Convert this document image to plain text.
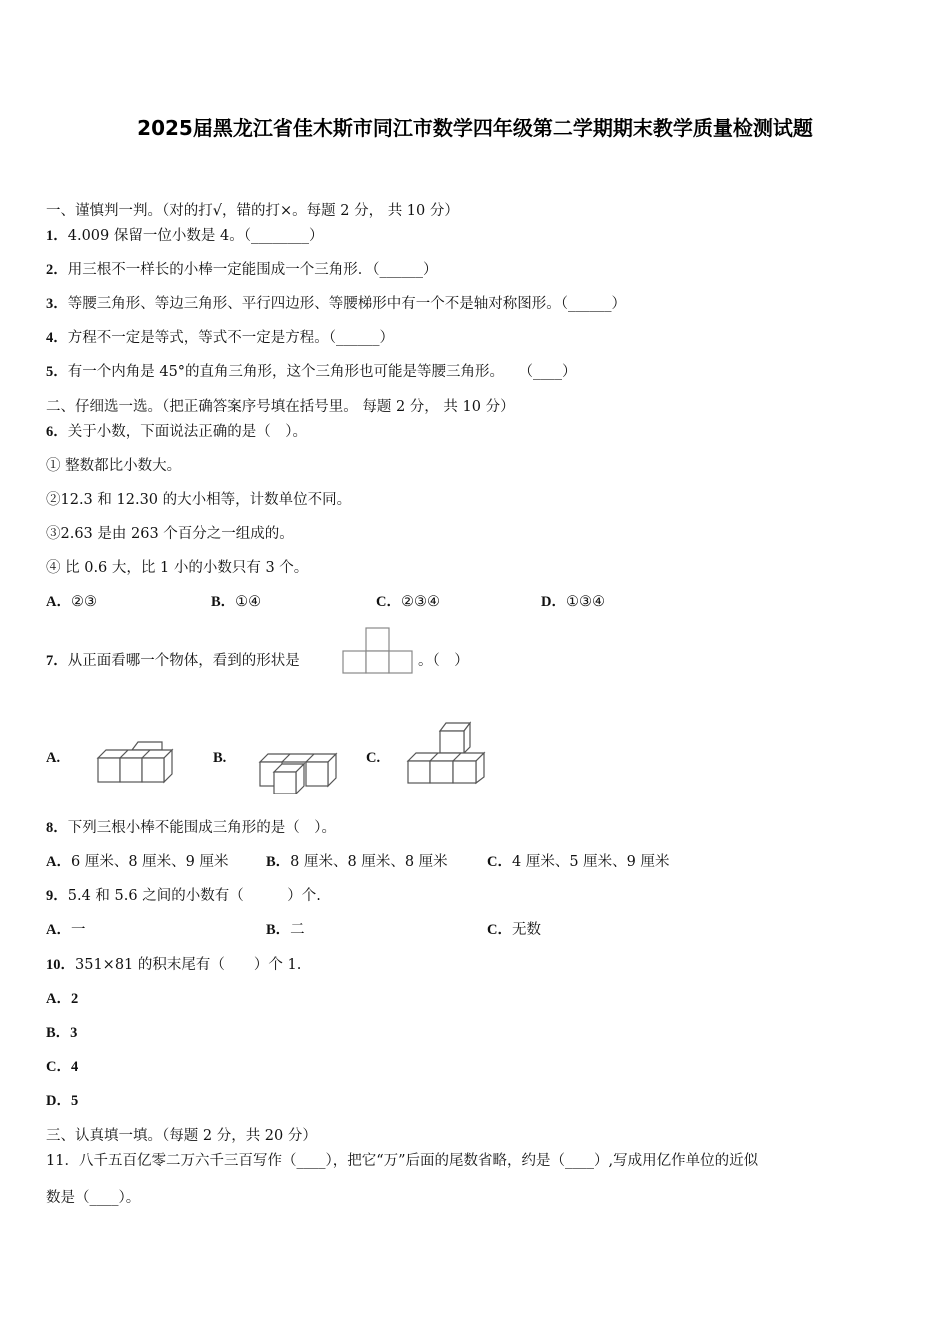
2025届黑龙江省佳木斯市同江市数学四年级第二学期期末教学质量检测试题
一、谨慎判一判。（对的打√，错的打×。每题 2 分， 共 10 分）
1．4.009 保留一位小数是 4。（________）
2．用三根不一样长的小棒一定能围成一个三角形．（______）
3．等腰三角形、等边三角形、平行四边形、等腰梯形中有一个不是轴对称图形。（______）
4．方程不一定是等式，等式不一定是方程。（______）
5．有一个内角是 45°的直角三角形，这个三角形也可能是等腰三角形。　　（____）
二、仔细选一选。（把正确答案序号填在括号里。 每题 2 分， 共 10 分）
6．关于小数，下面说法正确的是（　）。
① 整数都比小数大。
②12.3 和 12.30 的大小相等，计数单位不同。
③2.63 是由 263 个百分之一组成的。
④ 比 0.6 大，比 1 小的小数只有 3 个。
A．②③	B．①④	C．②③④	D．①③④
7．从正面看哪一个物体，看到的形状是	。（　）
A.	B.	C.
8．下列三根小棒不能围成三角形的是（　）。
A．6 厘米、8 厘米、9 厘米	B．8 厘米、8 厘米、8 厘米	C．4 厘米、5 厘米、9 厘米
9．5.4 和 5.6 之间的小数有（　　　）个.
A．一	B．二	C．无数
10．351×81 的积末尾有（　　）个 1.
A．2
B．3
C．4
D．5
三、认真填一填。（每题 2 分，共 20 分）
11．八千五百亿零二万六千三百写作（____），把它“万”后面的尾数省略，约是（____）,写成用亿作单位的近似
数是（____）。
